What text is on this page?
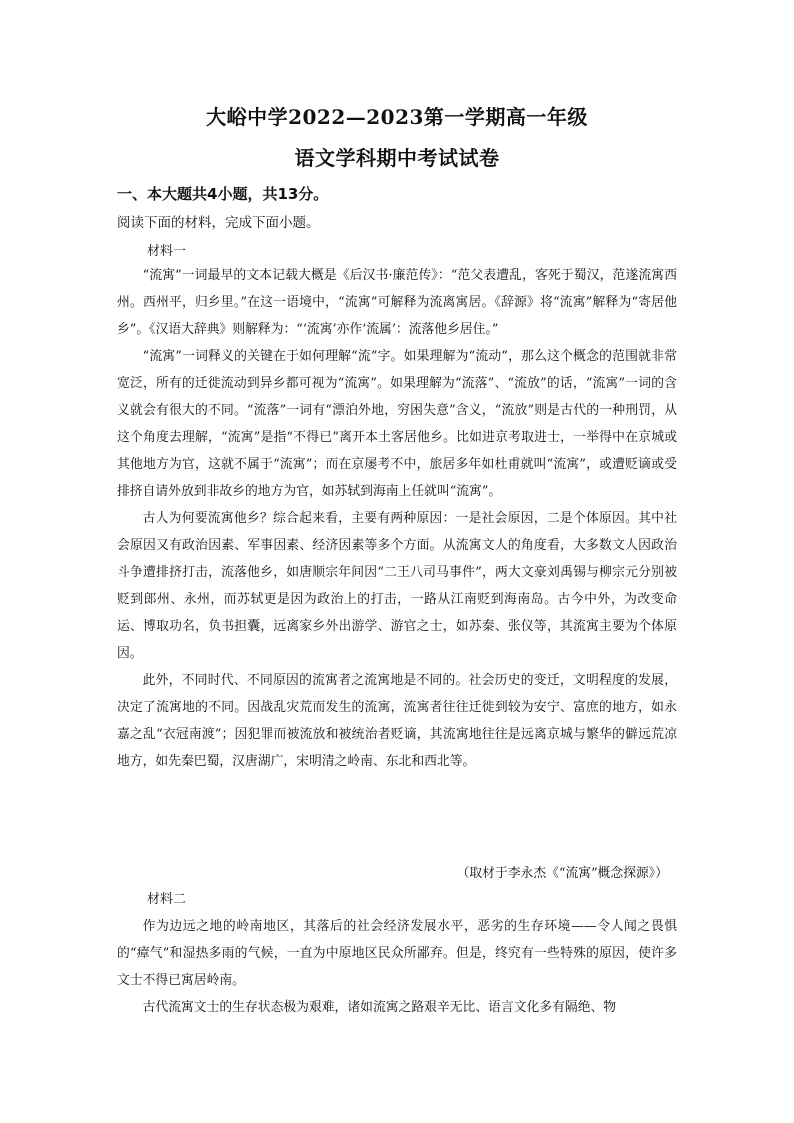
大峪中学2022—2023第一学期高一年级
语文学科期中考试试卷
一、本大题共4小题，共13分。
阅读下面的材料，完成下面小题。
材料一

“流寓”一词最早的文本记载大概是《后汉书·廉范传》：“范父表遭乱，客死于蜀汉，范遂流寓西州。西州平，归乡里。”在这一语境中，“流寓”可解释为流离寓居。《辞源》将“流寓”解释为“寄居他乡”。《汉语大辞典》则解释为：“‘流寓’亦作‘流属’：流落他乡居住。”

“流寓”一词释义的关键在于如何理解“流”字。如果理解为“流动”，那么这个概念的范围就非常宽泛，所有的迁徙流动到异乡都可视为“流寓”。如果理解为“流落”、“流放”的话，“流寓”一词的含义就会有很大的不同。“流落”一词有“漂泊外地，穷困失意”含义，“流放”则是古代的一种刑罚，从这个角度去理解，“流寓”是指“不得已”离开本土客居他乡。比如进京考取进士，一举得中在京城或其他地方为官，这就不属于“流寓”；而在京屡考不中，旅居多年如杜甫就叫“流寓”，或遭贬谪或受排挤自请外放到非故乡的地方为官，如苏轼到海南上任就叫“流寓”。

古人为何要流寓他乡？综合起来看，主要有两种原因：一是社会原因，二是个体原因。其中社会原因又有政治因素、军事因素、经济因素等多个方面。从流寓文人的角度看，大多数文人因政治斗争遭排挤打击，流落他乡，如唐顺宗年间因“二王八司马事件”，两大文豪刘禹锡与柳宗元分别被贬到郎州、永州，而苏轼更是因为政治上的打击，一路从江南贬到海南岛。古今中外，为改变命运、博取功名，负书担囊，远离家乡外出游学、游官之士，如苏秦、张仪等，其流寓主要为个体原因。

此外，不同时代、不同原因的流寓者之流寓地是不同的。社会历史的变迁，文明程度的发展，决定了流寓地的不同。因战乱灾荒而发生的流寓，流寓者往往迁徙到较为安宁、富庶的地方，如永嘉之乱“衣冠南渡”；因犯罪而被流放和被统治者贬谪，其流寓地往往是远离京城与繁华的僻远荒凉地方，如先秦巴蜀，汉唐湖广，宋明清之岭南、东北和西北等。

（取材于李永杰《“流寓”概念探源》）
材料二

作为边远之地的岭南地区，其落后的社会经济发展水平，恶劣的生存环境——令人闻之畏惧的“瘴气”和湿热多雨的气候，一直为中原地区民众所鄙弃。但是，终究有一些特殊的原因，使许多文士不得已寓居岭南。

古代流寓文士的生存状态极为艰难，诸如流寓之路艰辛无比、语言文化多有隔绝、物
